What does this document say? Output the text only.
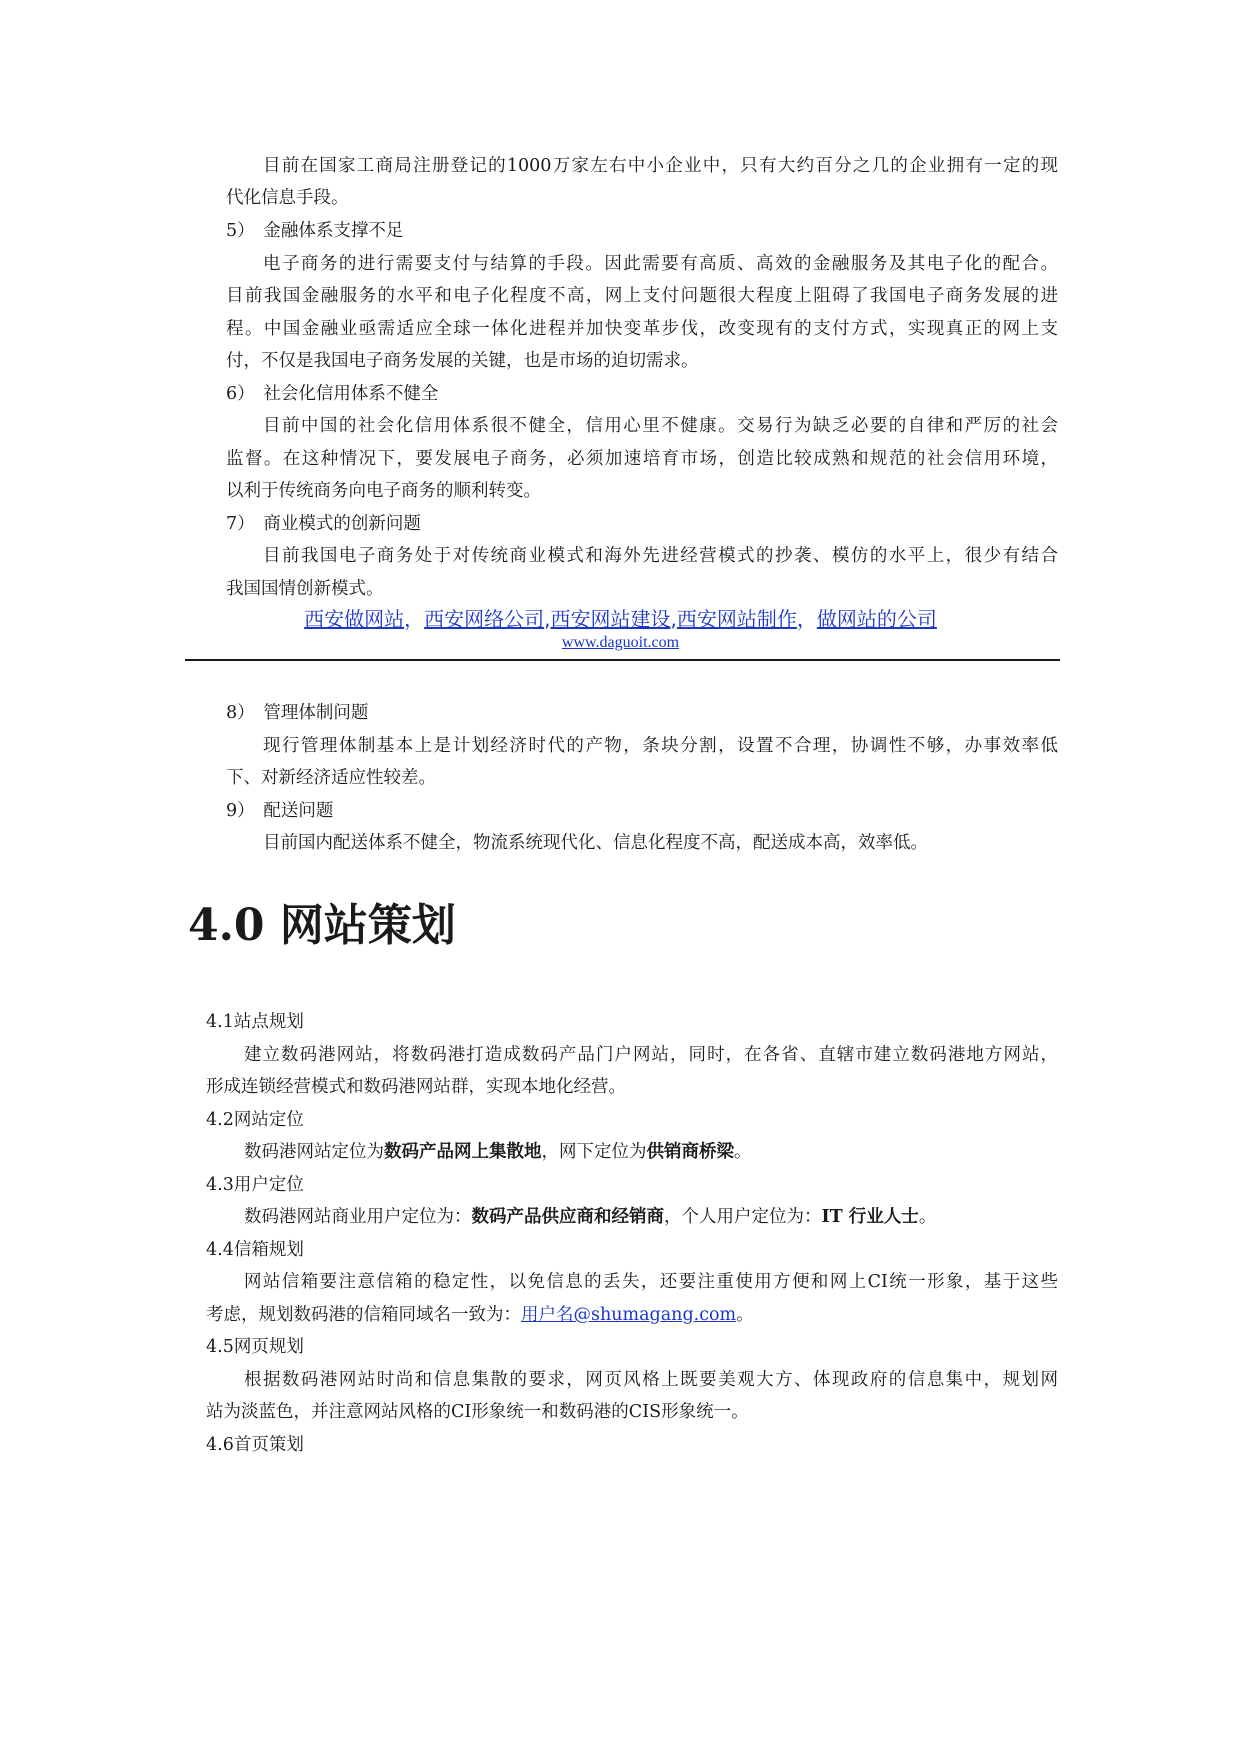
目前在国家工商局注册登记的1000万家左右中小企业中，只有大约百分之几的企业拥有一定的现
代化信息手段。
5）　金融体系支撑不足
电子商务的进行需要支付与结算的手段。因此需要有高质、高效的金融服务及其电子化的配合。
目前我国金融服务的水平和电子化程度不高，网上支付问题很大程度上阻碍了我国电子商务发展的进
程。中国金融业亟需适应全球一体化进程并加快变革步伐，改变现有的支付方式，实现真正的网上支
付，不仅是我国电子商务发展的关键，也是市场的迫切需求。
6）　社会化信用体系不健全
目前中国的社会化信用体系很不健全，信用心里不健康。交易行为缺乏必要的自律和严厉的社会
监督。在这种情况下，要发展电子商务，必须加速培育市场，创造比较成熟和规范的社会信用环境，
以利于传统商务向电子商务的顺利转变。
7）　商业模式的创新问题
目前我国电子商务处于对传统商业模式和海外先进经营模式的抄袭、模仿的水平上，很少有结合
我国国情创新模式。
西安做网站，西安网络公司,西安网站建设,西安网站制作，做网站的公司
www.daguoit.com
8）　管理体制问题
现行管理体制基本上是计划经济时代的产物，条块分割，设置不合理，协调性不够，办事效率低
下、对新经济适应性较差。
9）　配送问题
目前国内配送体系不健全，物流系统现代化、信息化程度不高，配送成本高，效率低。
4.0 网站策划
4.1站点规划
建立数码港网站，将数码港打造成数码产品门户网站，同时，在各省、直辖市建立数码港地方网站，
形成连锁经营模式和数码港网站群，实现本地化经营。
4.2网站定位
数码港网站定位为数码产品网上集散地，网下定位为供销商桥梁。
4.3用户定位
数码港网站商业用户定位为：数码产品供应商和经销商，个人用户定位为：IT 行业人士。
4.4信箱规划
网站信箱要注意信箱的稳定性，以免信息的丢失，还要注重使用方便和网上CI统一形象，基于这些
考虑，规划数码港的信箱同域名一致为：用户名@shumagang.com。
4.5网页规划
根据数码港网站时尚和信息集散的要求，网页风格上既要美观大方、体现政府的信息集中，规划网
站为淡蓝色，并注意网站风格的CI形象统一和数码港的CIS形象统一。
4.6首页策划
